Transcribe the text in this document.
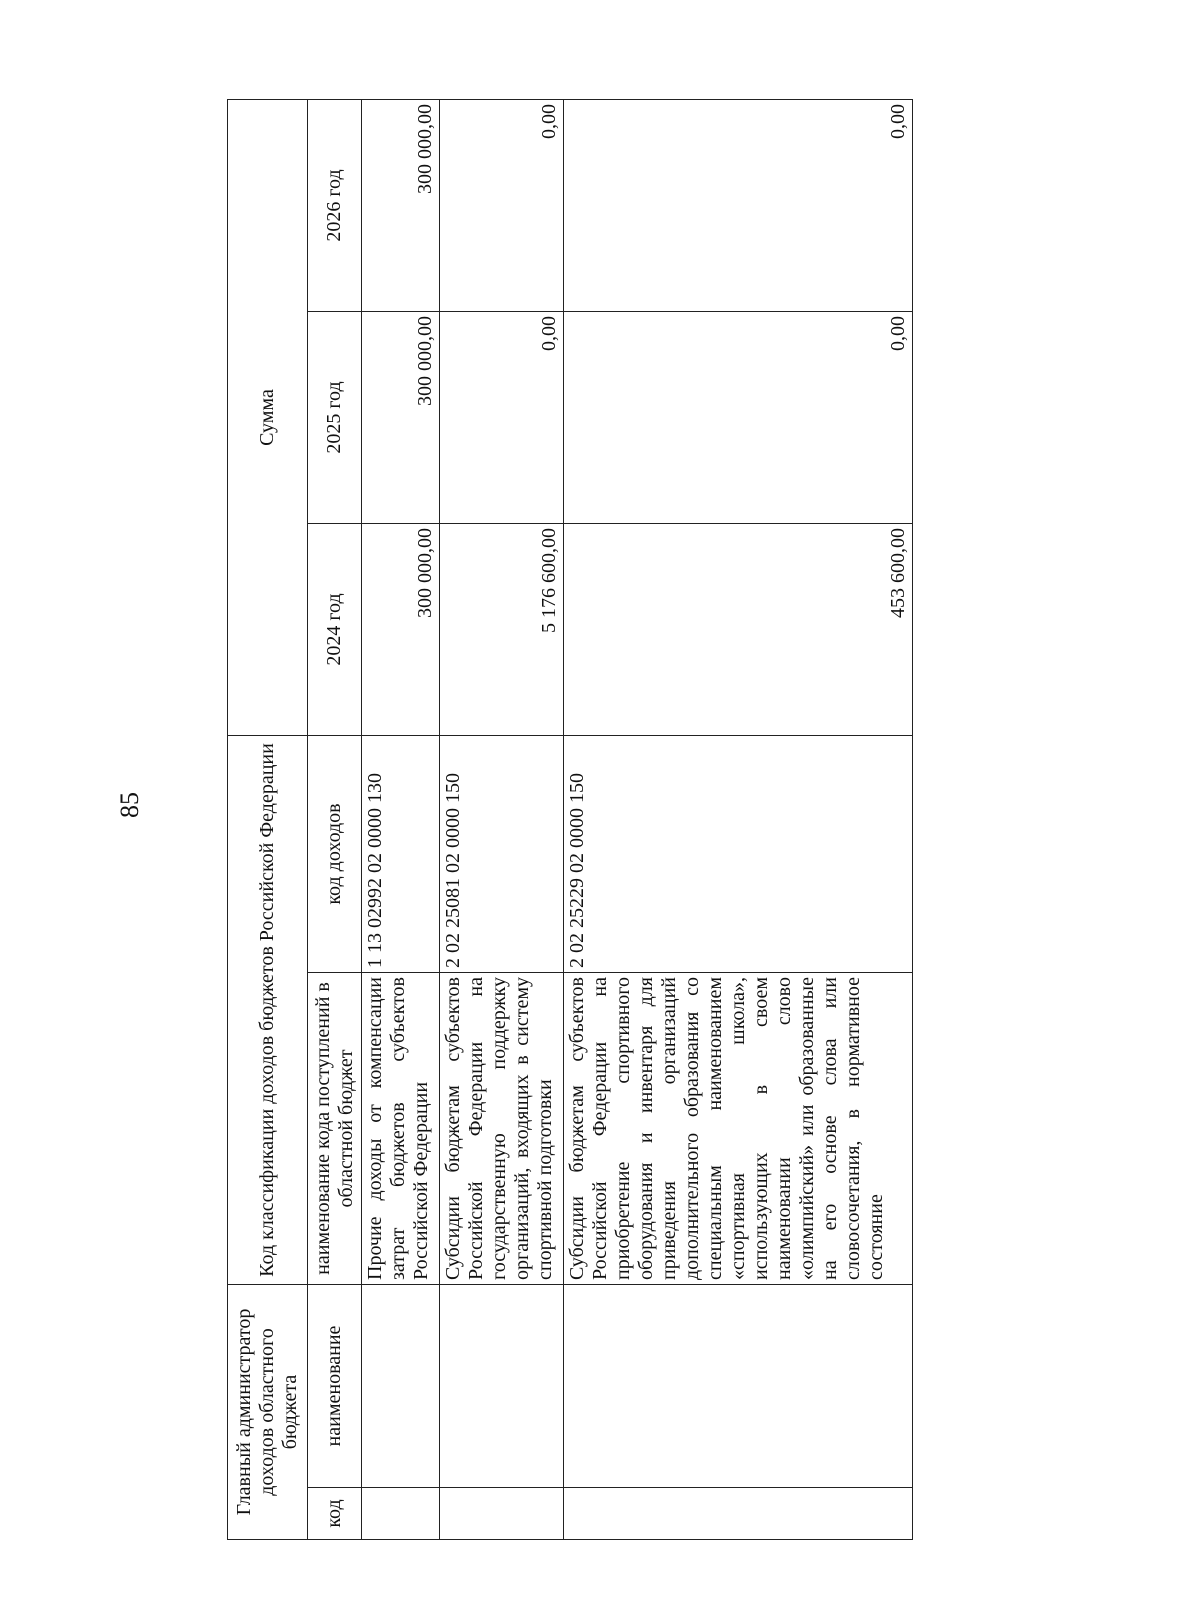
85
Главный администратор доходов областного бюджета		Код классификации доходов бюджетов Российской Федерации		Сумма		
код	наименование	наименование кода поступлений в областной бюджет	код доходов	2024 год	2025 год	2026 год
		Прочие доходы от компенсации затрат бюджетов субъектов Российской Федерации	1 13 02992 02 0000 130	300 000,00	300 000,00	300 000,00
		Субсидии бюджетам субъектов Российской Федерации на государственную поддержку организаций, входящих в систему спортивной подготовки	2 02 25081 02 0000 150	5 176 600,00	0,00	0,00
		Субсидии бюджетам субъектов Российской Федерации на приобретение спортивного оборудования и инвентаря для приведения организаций дополнительного образования со специальным наименованием «спортивная школа», использующих в своем наименовании слово «олимпийский» или образованные на его основе слова или словосочетания, в нормативное состояние	2 02 25229 02 0000 150	453 600,00	0,00	0,00
